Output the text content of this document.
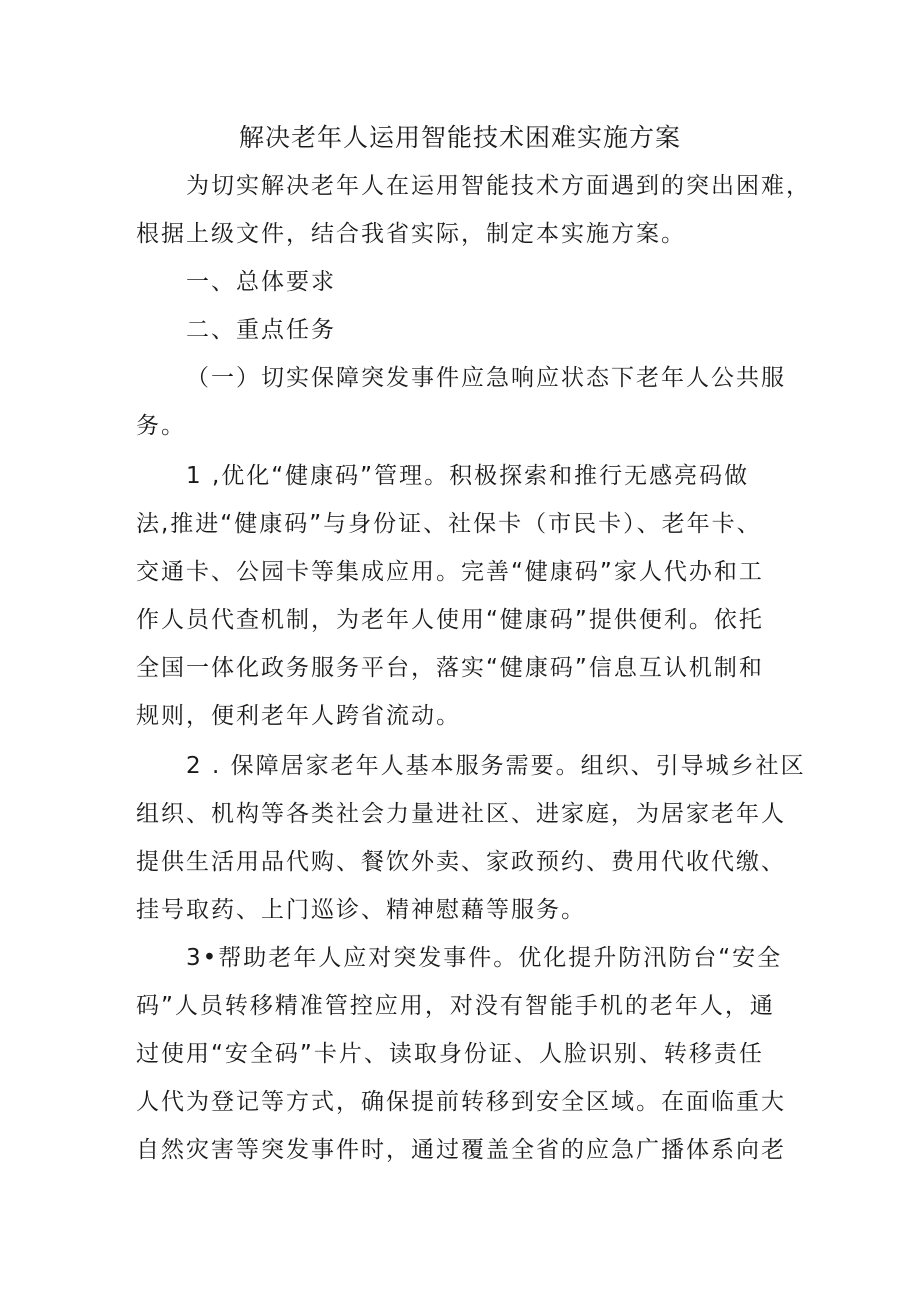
解决老年人运用智能技术困难实施方案
为切实解决老年人在运用智能技术方面遇到的突出困难，
根据上级文件，结合我省实际，制定本实施方案。
一、总体要求
二、重点任务
（一）切实保障突发事件应急响应状态下老年人公共服
务。
1 ,优化“健康码”管理。积极探索和推行无感亮码做
法,推进“健康码”与身份证、社保卡（市民卡）、老年卡、
交通卡、公园卡等集成应用。完善“健康码”家人代办和工
作人员代查机制，为老年人使用“健康码”提供便利。依托
全国一体化政务服务平台，落实“健康码”信息互认机制和
规则，便利老年人跨省流动。
2 . 保障居家老年人基本服务需要。组织、引导城乡社区
组织、机构等各类社会力量进社区、进家庭，为居家老年人
提供生活用品代购、餐饮外卖、家政预约、费用代收代缴、
挂号取药、上门巡诊、精神慰藉等服务。
3•帮助老年人应对突发事件。优化提升防汛防台“安全
码”人员转移精准管控应用，对没有智能手机的老年人，通
过使用“安全码”卡片、读取身份证、人脸识别、转移责任
人代为登记等方式，确保提前转移到安全区域。在面临重大
自然灾害等突发事件时，通过覆盖全省的应急广播体系向老
